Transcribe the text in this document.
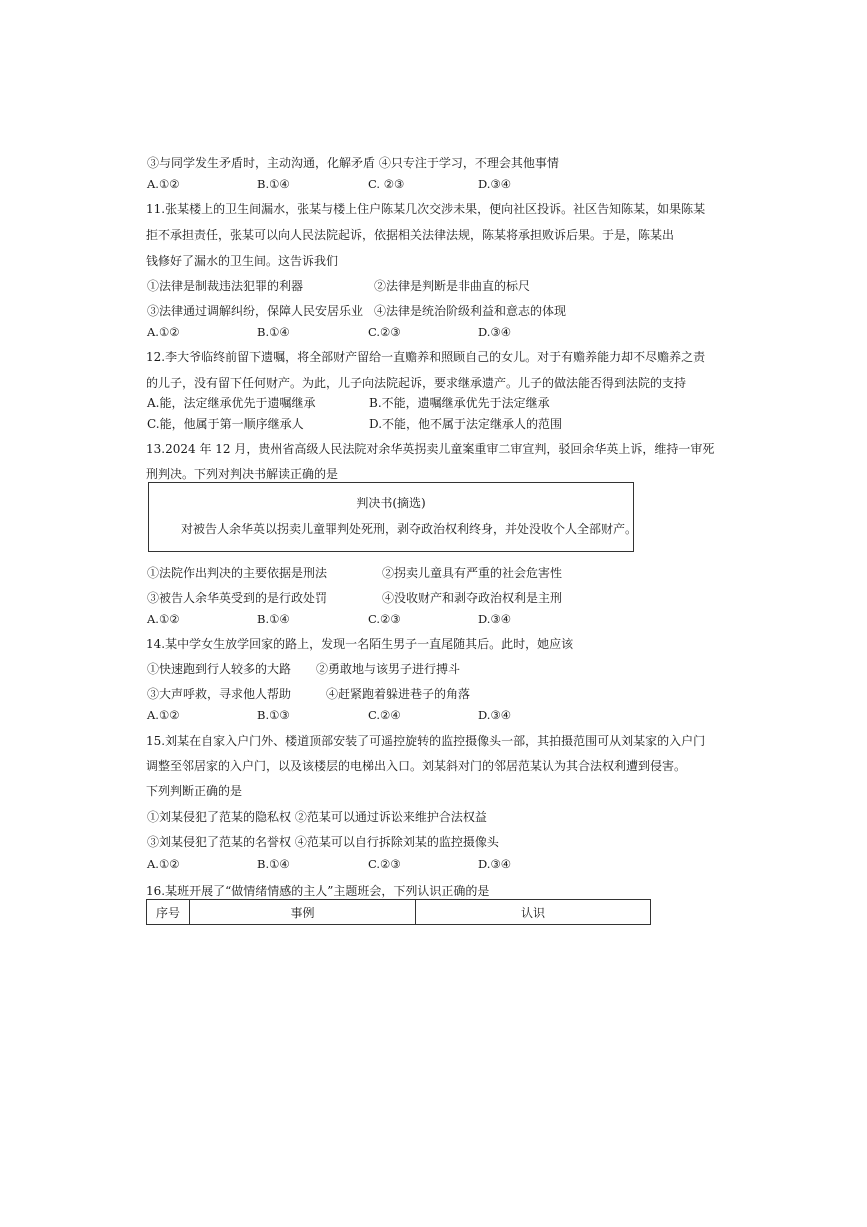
③与同学发生矛盾时，主动沟通，化解矛盾 ④只专注于学习，不理会其他事情
A.①②	B.①④	C. ②③	D.③④
11.张某楼上的卫生间漏水，张某与楼上住户陈某几次交涉未果，便向社区投诉。社区告知陈某，如果陈某
拒不承担责任，张某可以向人民法院起诉，依据相关法律法规，陈某将承担败诉后果。于是，陈某出
钱修好了漏水的卫生间。这告诉我们
①法律是制裁违法犯罪的利器	②法律是判断是非曲直的标尺
③法律通过调解纠纷，保障人民安居乐业 ④法律是统治阶级利益和意志的体现
A.①②	B.①④	C.②③	D.③④
12.李大爷临终前留下遗嘱，将全部财产留给一直赡养和照顾自己的女儿。对于有赡养能力却不尽赡养之责
的儿子，没有留下任何财产。为此，儿子向法院起诉，要求继承遗产。儿子的做法能否得到法院的支持
A.能，法定继承优先于遗嘱继承	B.不能，遗嘱继承优先于法定继承
C.能，他属于第一顺序继承人	D.不能，他不属于法定继承人的范围
13.2024 年 12 月，贵州省高级人民法院对余华英拐卖儿童案重审二审宣判，驳回余华英上诉，维持一审死
刑判决。下列对判决书解读正确的是
判决书(摘选)
对被告人余华英以拐卖儿童罪判处死刑，剥夺政治权利终身，并处没收个人全部财产。
①法院作出判决的主要依据是刑法	②拐卖儿童具有严重的社会危害性
③被告人余华英受到的是行政处罚	④没收财产和剥夺政治权利是主刑
A.①②	B.①④	C.②③	D.③④
14.某中学女生放学回家的路上，发现一名陌生男子一直尾随其后。此时，她应该
①快速跑到行人较多的大路 ②勇敢地与该男子进行搏斗
③大声呼救，寻求他人帮助	④赶紧跑着躲进巷子的角落
A.①②	B.①③	C.②④	D.③④
15.刘某在自家入户门外、楼道顶部安装了可遥控旋转的监控摄像头一部，其拍摄范围可从刘某家的入户门
调整至邻居家的入户门，以及该楼层的电梯出入口。刘某斜对门的邻居范某认为其合法权利遭到侵害。
下列判断正确的是
①刘某侵犯了范某的隐私权 ②范某可以通过诉讼来维护合法权益
③刘某侵犯了范某的名誉权 ④范某可以自行拆除刘某的监控摄像头
A.①②	B.①④	C.②③	D.③④
16.某班开展了“做情绪情感的主人”主题班会，下列认识正确的是
序号	事例	认识
